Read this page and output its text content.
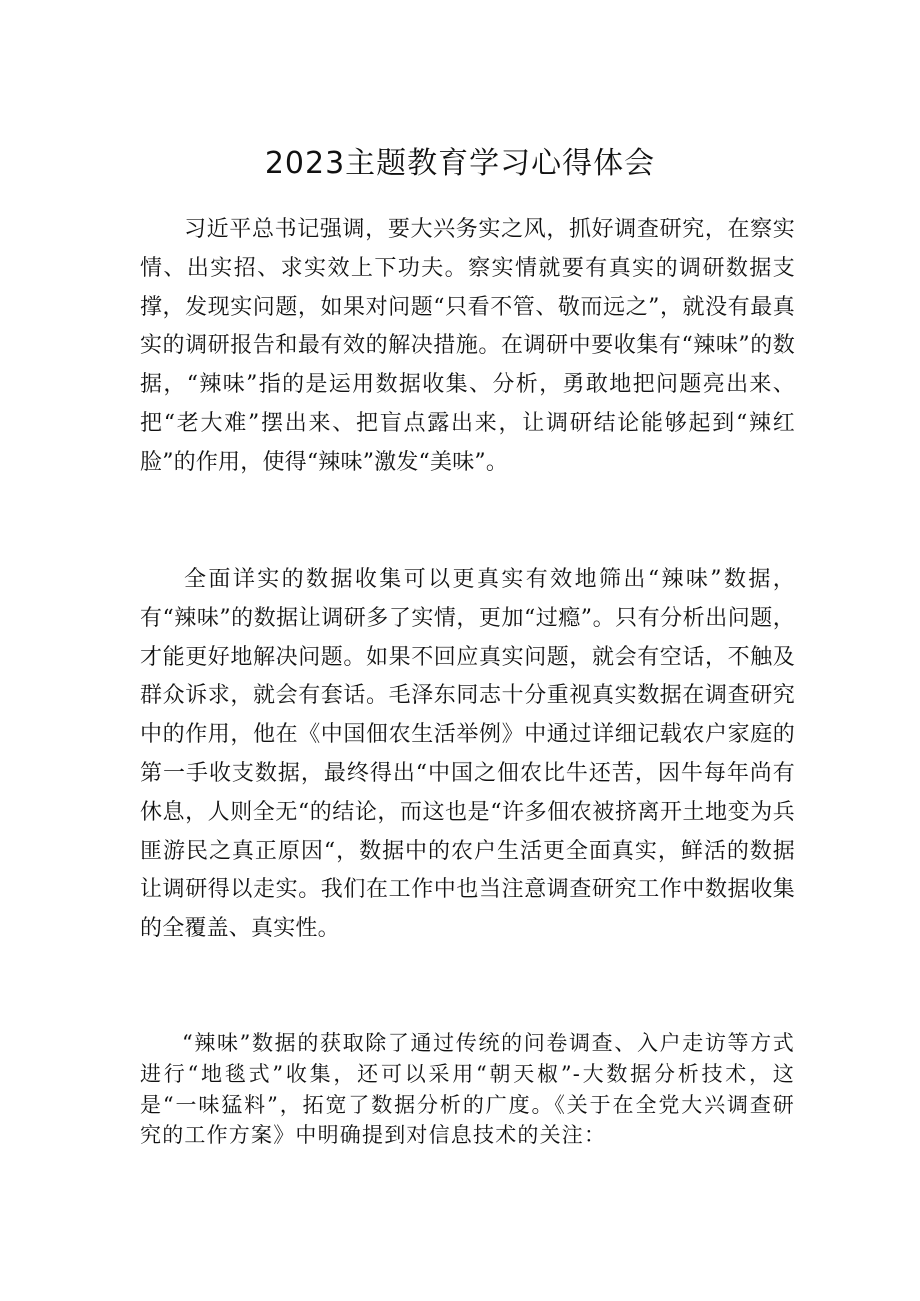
2023主题教育学习心得体会

习近平总书记强调，要大兴务实之风，抓好调查研究，在察实情、出实招、求实效上下功夫。察实情就要有真实的调研数据支撑，发现实问题，如果对问题“只看不管、敬而远之”，就没有最真实的调研报告和最有效的解决措施。在调研中要收集有“辣味”的数据，“辣味”指的是运用数据收集、分析，勇敢地把问题亮出来、把“老大难”摆出来、把盲点露出来，让调研结论能够起到“辣红脸”的作用，使得“辣味”激发“美味”。

全面详实的数据收集可以更真实有效地筛出“辣味”数据，有“辣味”的数据让调研多了实情，更加“过瘾”。只有分析出问题，才能更好地解决问题。如果不回应真实问题，就会有空话，不触及群众诉求，就会有套话。毛泽东同志十分重视真实数据在调查研究中的作用，他在《中国佃农生活举例》中通过详细记载农户家庭的第一手收支数据，最终得出“中国之佃农比牛还苦，因牛每年尚有休息，人则全无“的结论，而这也是“许多佃农被挤离开土地变为兵匪游民之真正原因“，数据中的农户生活更全面真实，鲜活的数据让调研得以走实。我们在工作中也当注意调查研究工作中数据收集的全覆盖、真实性。

“辣味”数据的获取除了通过传统的问卷调查、入户走访等方式进行“地毯式”收集，还可以采用“朝天椒”-大数据分析技术，这是“一味猛料”，拓宽了数据分析的广度。《关于在全党大兴调查研究的工作方案》中明确提到对信息技术的关注：
